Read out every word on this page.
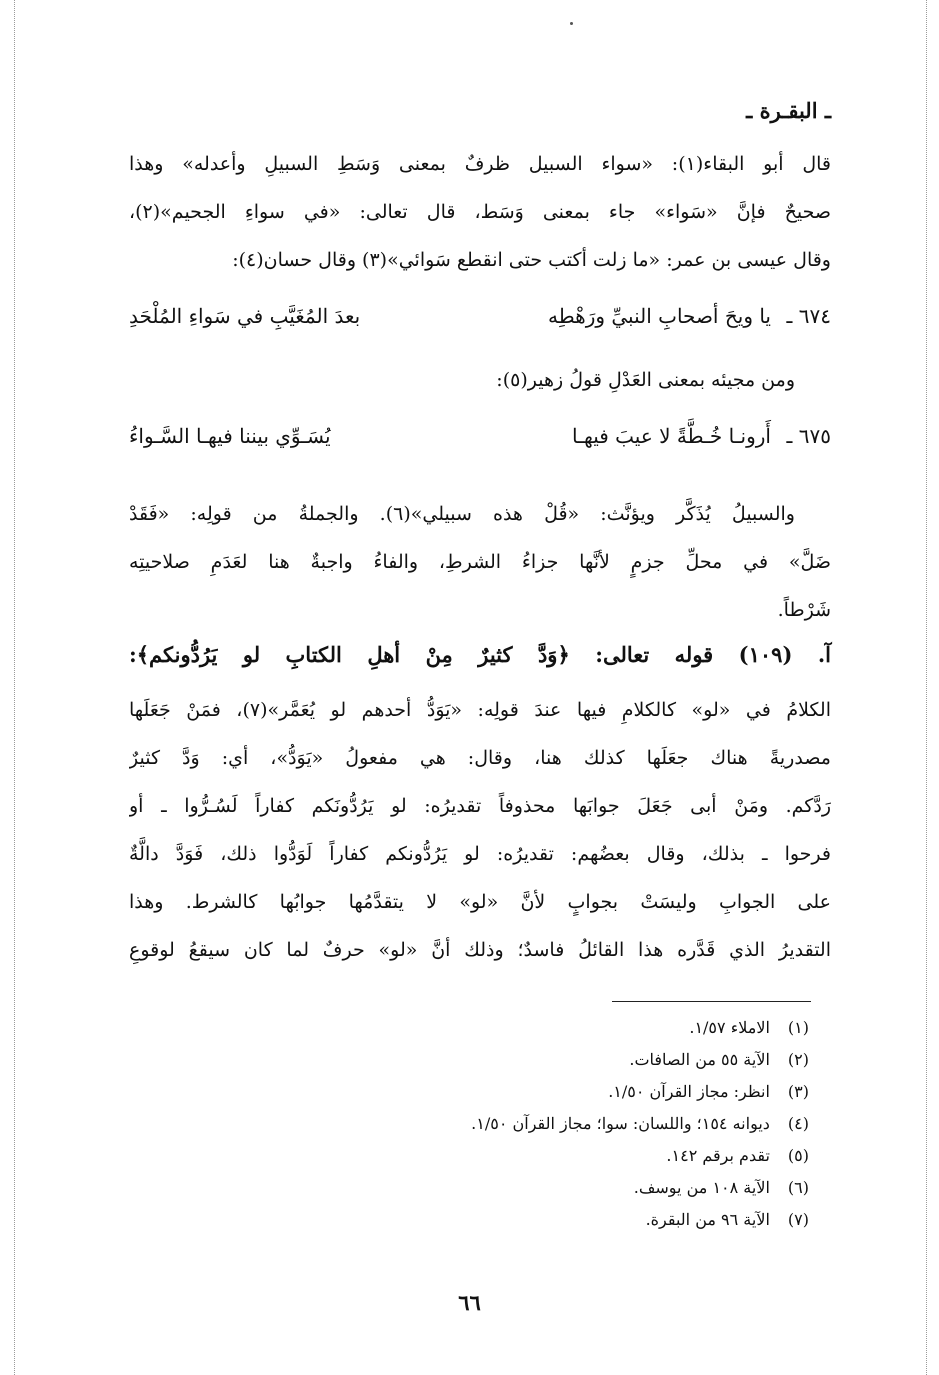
ـ البقـرة ـ
قال أبو البقاء(١): «سواء السبيل ظرفٌ بمعنى وَسَطِ السبيلِ وأعدله» وهذا
صحيحٌ فإنَّ «سَواء» جاء بمعنى وَسَط، قال تعالى: «في سواءِ الجحيم»(٢)،
وقال عيسى بن عمر: «ما زلت أكتب حتى انقطع سَوائي»(٣) وقال حسان(٤):
٦٧٤ ـ
يا ويحَ أصحابِ النبيِّ ورَهْطِه
بعدَ المُغَيَّبِ في سَواءِ المُلْحَدِ
ومن مجيئه بمعنى العَدْلِ قولُ زهير(٥):
٦٧٥ ـ
أَرونـا خُـطَّةً لا عيبَ فيهـا
يُسَـوِّي بيننا فيهـا السَّـواءُ
والسبيلُ يُذَكَّر ويؤنَّث: «قُلْ هذه سبيلي»(٦). والجملةُ من قولِه: «فَقَدْ
ضَلَّ» في محلِّ جزمٍ لأنَّها جزاءُ الشرطِ، والفاءُ واجبةٌ هنا لعَدَمِ صلاحيتِه
شَرْطاً.
آ. (١٠٩) قوله تعالى: ﴿وَدَّ كثيرٌ مِنْ أهلِ الكتابِ لو يَرُدُّونكم﴾:
الكلامُ في «لو» كالكلامِ فيها عندَ قولِه: «يَوَدُّ أحدهم لو يُعَمَّر»(٧)، فمَنْ جَعَلَها
مصدريةً هناك جعَلَها كذلك هنا، وقال: هي مفعولُ «يَوَدُّ»، أي: وَدَّ كثيرٌ
رَدَّكم. ومَنْ أبى جَعَلَ جوابَها محذوفاً تقديرُه: لو يَرُدُّونَكم كفاراً لَسُـرُّوا ـ أو
فرحوا ـ بذلك، وقال بعضُهم: تقديرُه: لو يَرُدُّونكم كفاراً لَوَدُّوا ذلك، فَوَدَّ دالَّةٌ
على الجوابِ وليسَتْ بجوابٍ لأنَّ «لو» لا يتقدَّمُها جوابُها كالشرط. وهذا
التقديرُ الذي قَدَّره هذا القائلُ فاسدٌ؛ وذلك أنَّ «لو» حرفٌ لما كان سيقعُ لوقوعِ
(١) الاملاء ١/٥٧.
(٢) الآية ٥٥ من الصافات.
(٣) انظر: مجاز القرآن ١/٥٠.
(٤) ديوانه ١٥٤؛ واللسان: سوا؛ مجاز القرآن ١/٥٠.
(٥) تقدم برقم ١٤٢.
(٦) الآية ١٠٨ من يوسف.
(٧) الآية ٩٦ من البقرة.
٦٦
